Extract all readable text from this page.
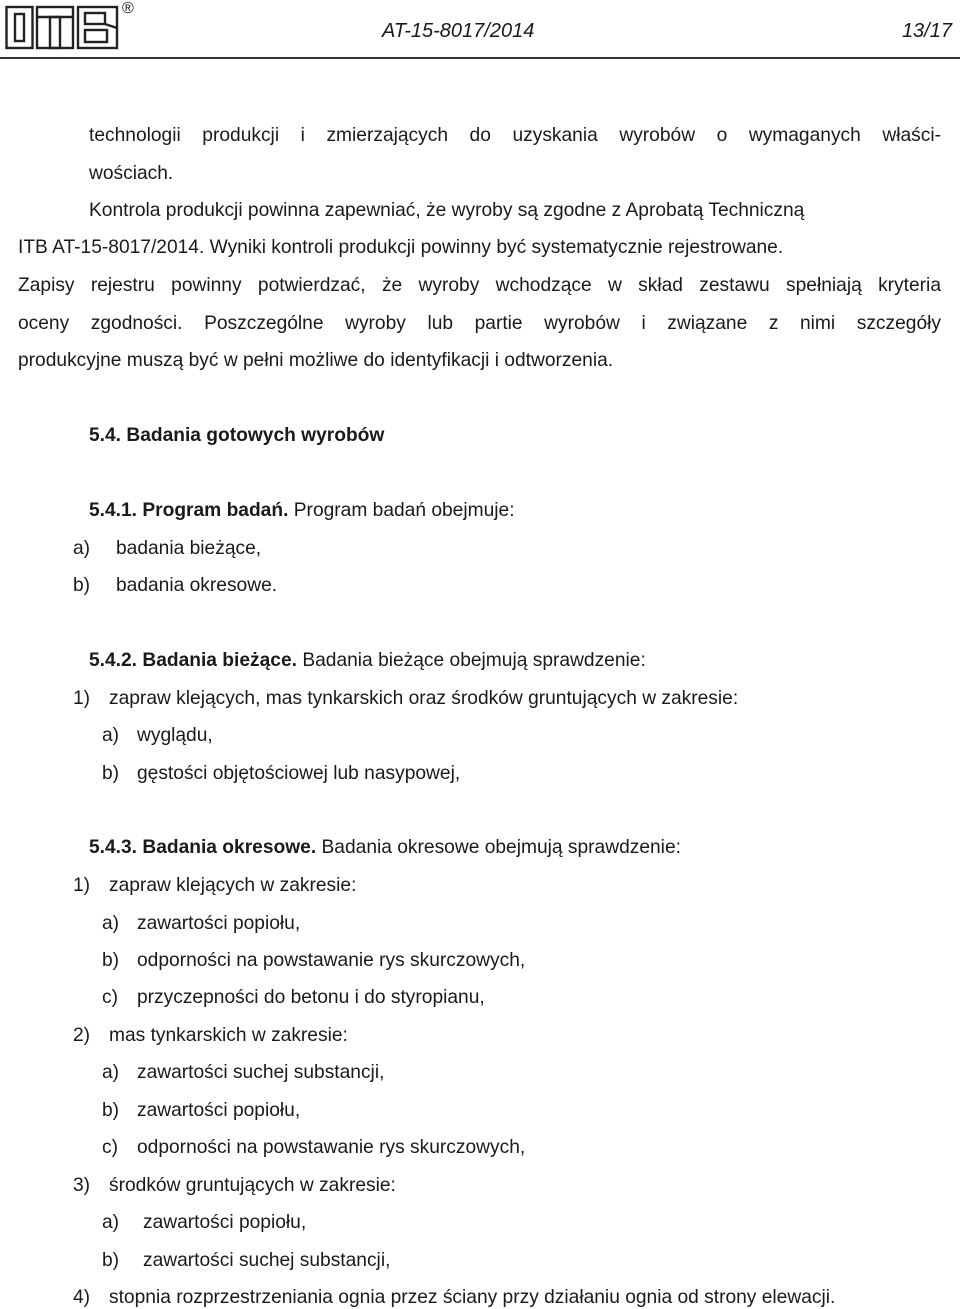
®
AT-15-8017/2014	13/17
technologii produkcji i zmierzających do uzyskania wyrobów o wymaganych właści-
wościach.
Kontrola produkcji powinna zapewniać, że wyroby są zgodne z Aprobatą Techniczną
ITB AT-15-8017/2014. Wyniki kontroli produkcji powinny być systematycznie rejestrowane.
Zapisy rejestru powinny potwierdzać, że wyroby wchodzące w skład zestawu spełniają kryteria
oceny zgodności. Poszczególne wyroby lub partie wyrobów i związane z nimi szczegóły
produkcyjne muszą być w pełni możliwe do identyfikacji i odtworzenia.
5.4. Badania gotowych wyrobów
5.4.1. Program badań. Program badań obejmuje:
a) badania bieżące,
b) badania okresowe.
5.4.2. Badania bieżące. Badania bieżące obejmują sprawdzenie:
1) zapraw klejących, mas tynkarskich oraz środków gruntujących w zakresie:
a) wyglądu,
b) gęstości objętościowej lub nasypowej,
5.4.3. Badania okresowe. Badania okresowe obejmują sprawdzenie:
1) zapraw klejących w zakresie:
a) zawartości popiołu,
b) odporności na powstawanie rys skurczowych,
c) przyczepności do betonu i do styropianu,
2) mas tynkarskich w zakresie:
a) zawartości suchej substancji,
b) zawartości popiołu,
c) odporności na powstawanie rys skurczowych,
3) środków gruntujących w zakresie:
a) zawartości popiołu,
b) zawartości suchej substancji,
4) stopnia rozprzestrzeniania ognia przez ściany przy działaniu ognia od strony elewacji.
